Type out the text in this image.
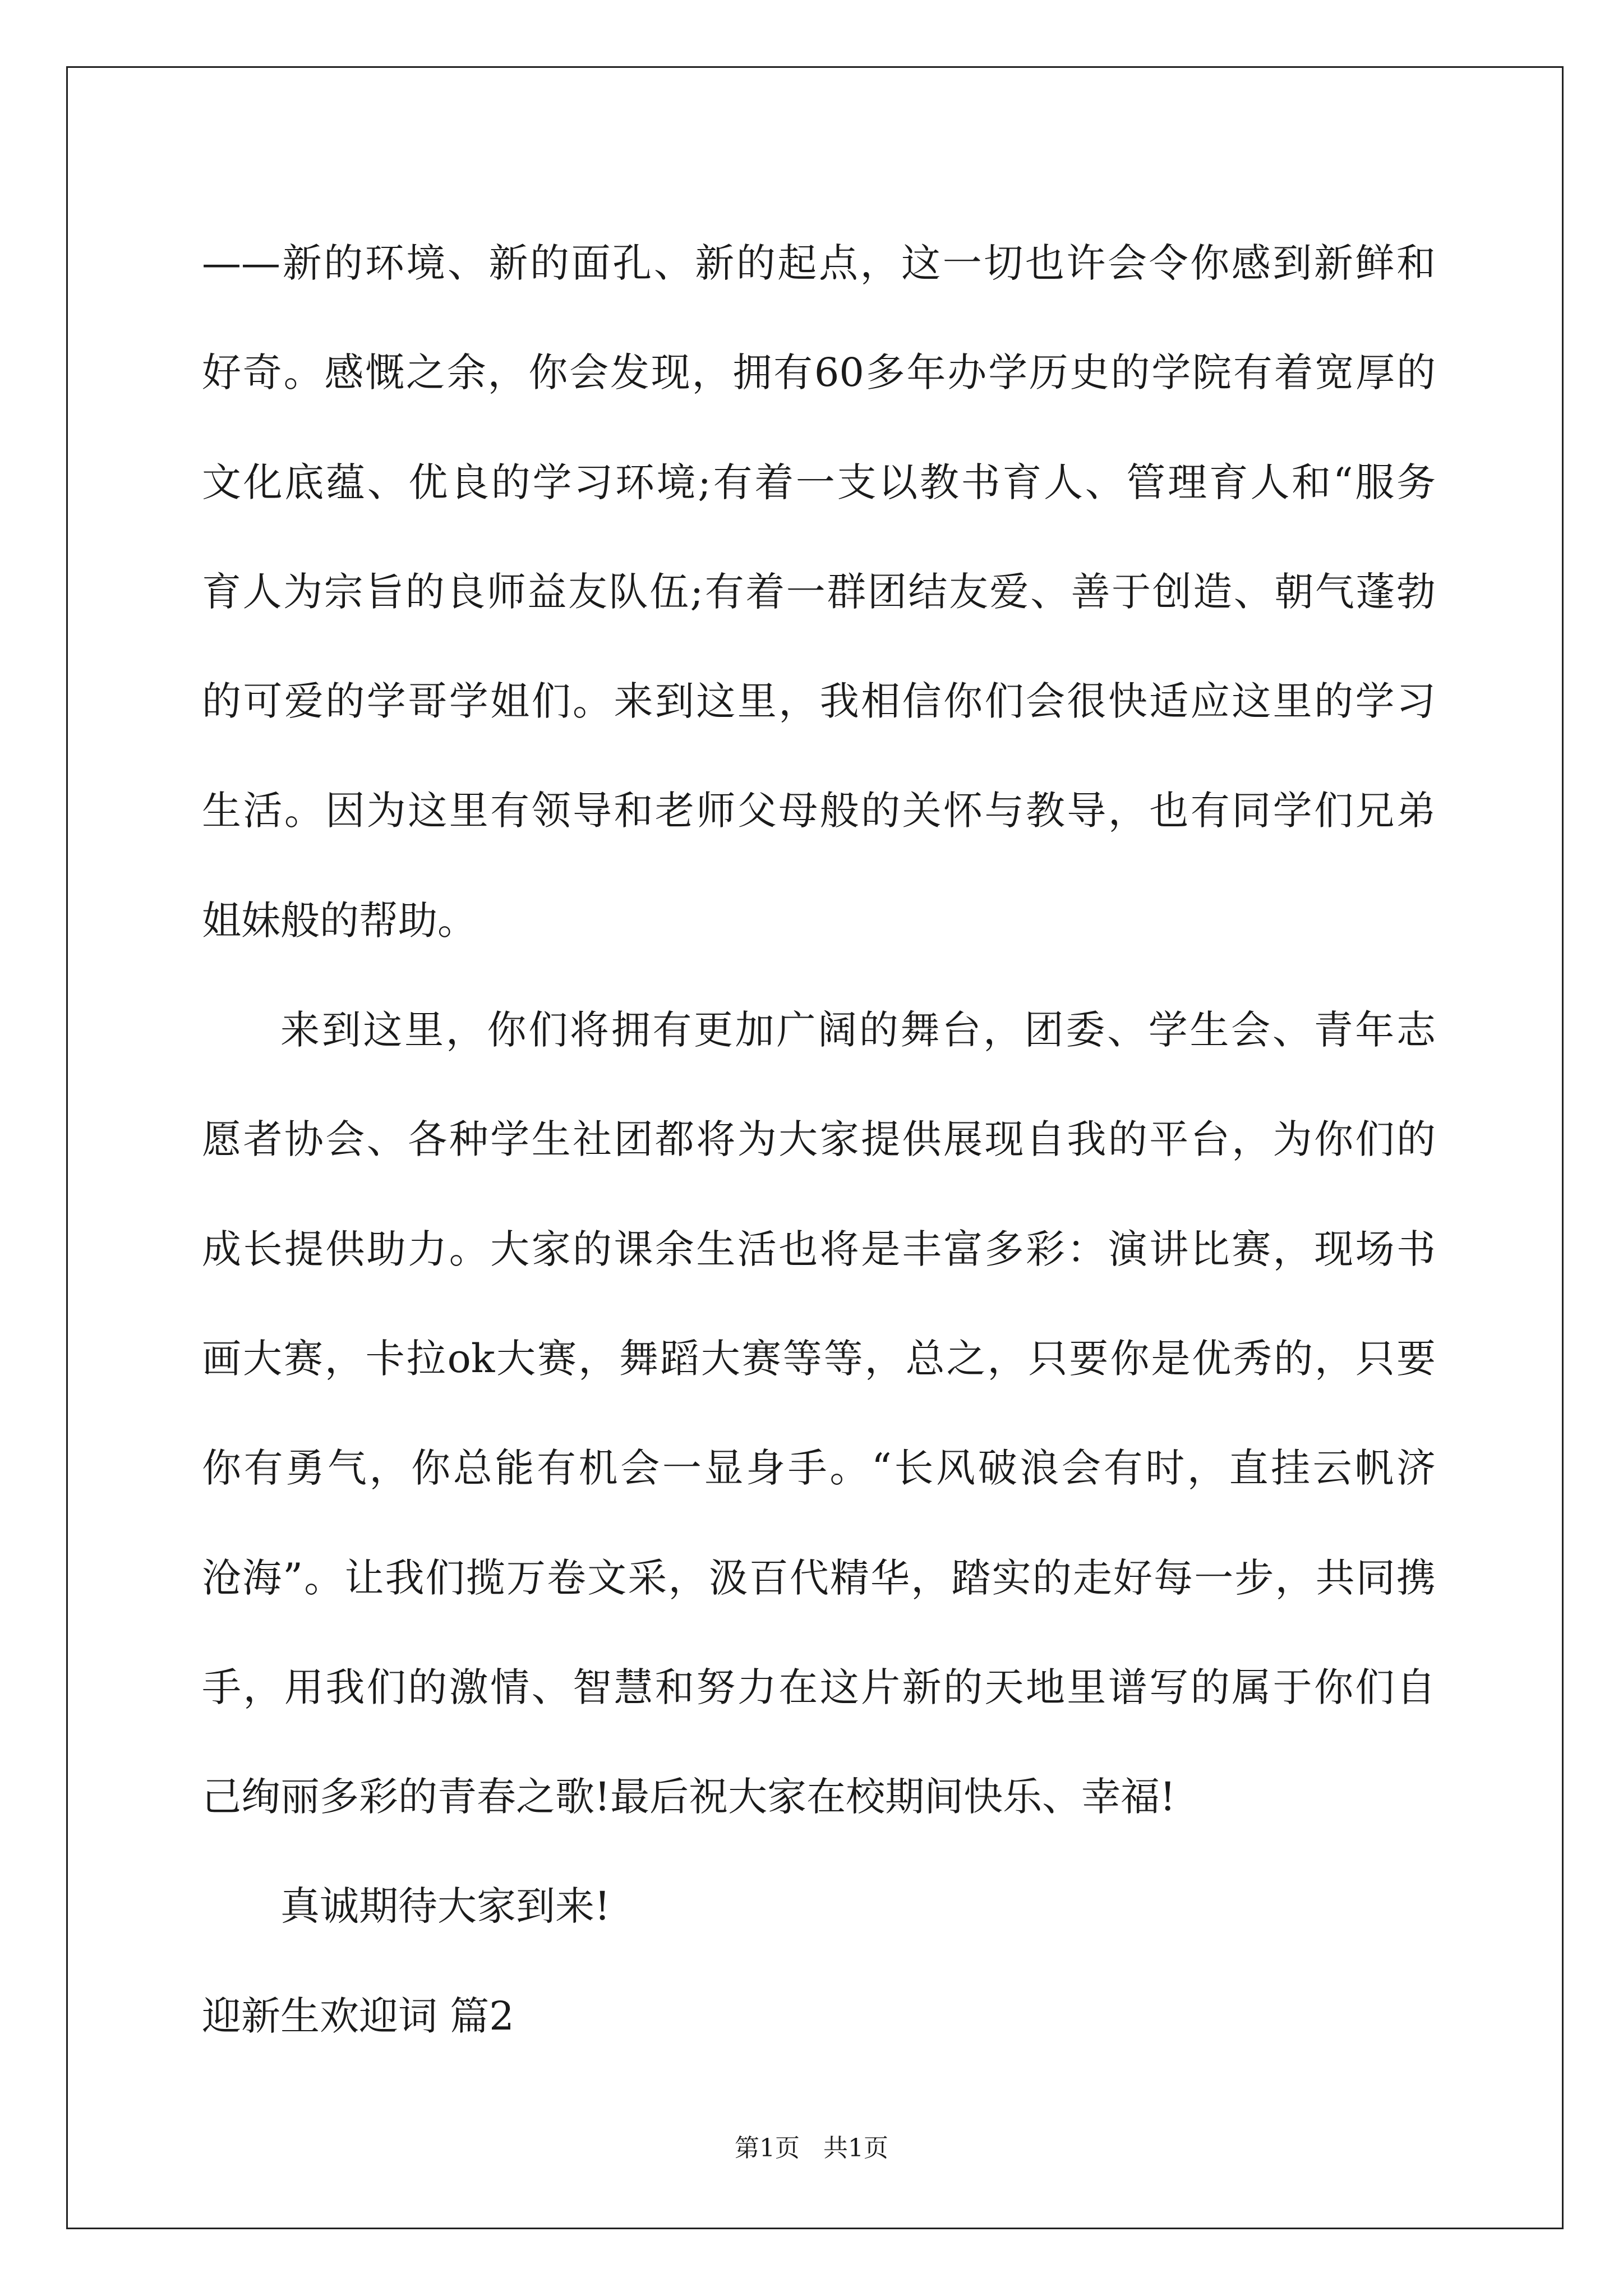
——新的环境、新的面孔、新的起点，这一切也许会令你感到新鲜和
好奇。感慨之余，你会发现，拥有60多年办学历史的学院有着宽厚的
文化底蕴、优良的学习环境;有着一支以教书育人、管理育人和“服务
育人为宗旨的良师益友队伍;有着一群团结友爱、善于创造、朝气蓬勃
的可爱的学哥学姐们。来到这里，我相信你们会很快适应这里的学习
生活。因为这里有领导和老师父母般的关怀与教导，也有同学们兄弟
姐妹般的帮助。
来到这里，你们将拥有更加广阔的舞台，团委、学生会、青年志
愿者协会、各种学生社团都将为大家提供展现自我的平台，为你们的
成长提供助力。大家的课余生活也将是丰富多彩：演讲比赛，现场书
画大赛，卡拉ok大赛，舞蹈大赛等等，总之，只要你是优秀的，只要
你有勇气，你总能有机会一显身手。“长风破浪会有时，直挂云帆济
沧海”。让我们揽万卷文采，汲百代精华，踏实的走好每一步，共同携
手，用我们的激情、智慧和努力在这片新的天地里谱写的属于你们自
己绚丽多彩的青春之歌!最后祝大家在校期间快乐、幸福!
真诚期待大家到来!
迎新生欢迎词 篇2
第1页   共1页
